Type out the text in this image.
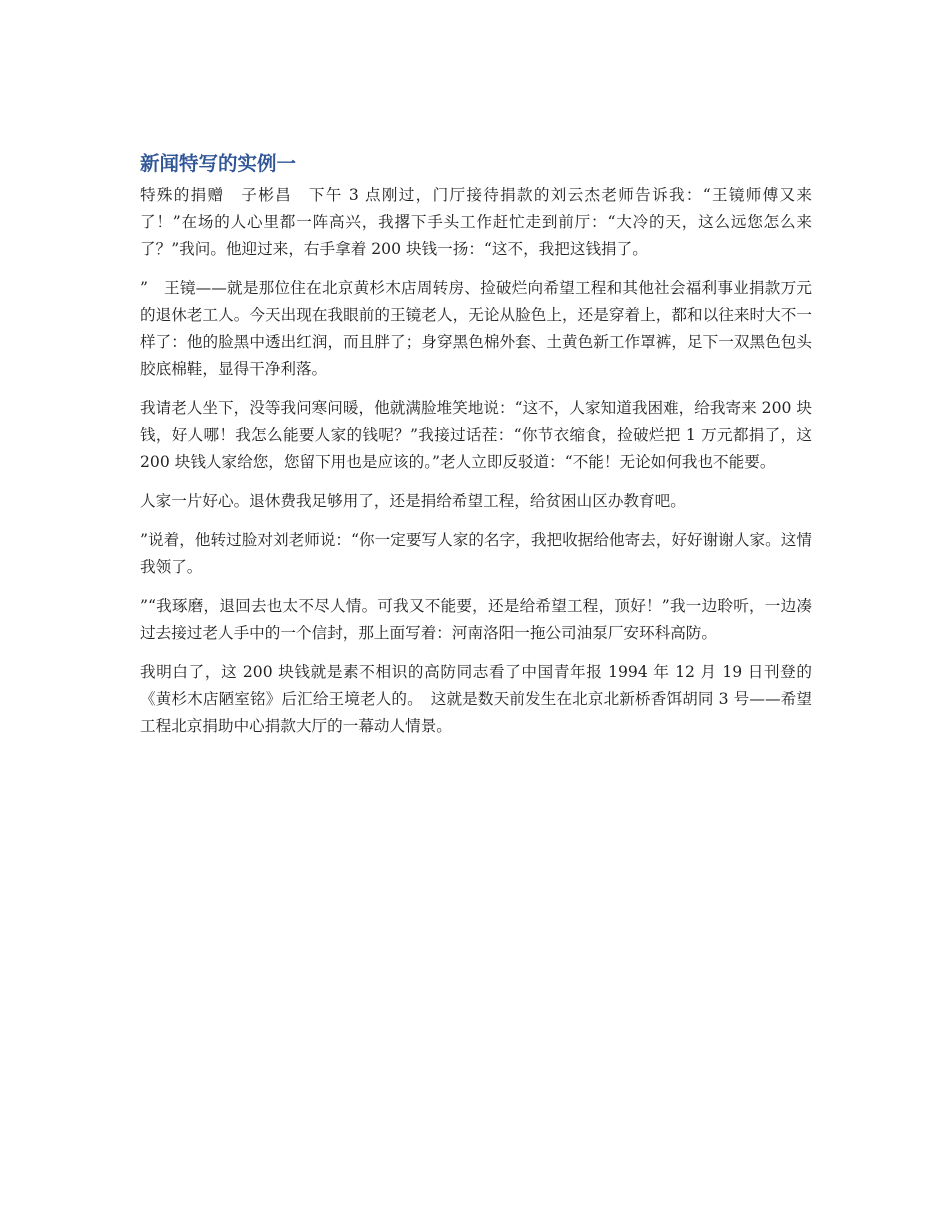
新闻特写的实例一

特殊的捐赠　子彬昌　下午 3 点刚过，门厅接待捐款的刘云杰老师告诉我：“王镜师傅又来了！”在场的人心里都一阵高兴，我撂下手头工作赶忙走到前厅：“大冷的天，这么远您怎么来了？”我问。他迎过来，右手拿着 200 块钱一扬：“这不，我把这钱捐了。

”　王镜——就是那位住在北京黄杉木店周转房、捡破烂向希望工程和其他社会福利事业捐款万元的退休老工人。今天出现在我眼前的王镜老人，无论从脸色上，还是穿着上，都和以往来时大不一样了：他的脸黑中透出红润，而且胖了；身穿黑色棉外套、土黄色新工作罩裤，足下一双黑色包头胶底棉鞋，显得干净利落。

我请老人坐下，没等我问寒问暖，他就满脸堆笑地说：“这不，人家知道我困难，给我寄来 200 块钱，好人哪！我怎么能要人家的钱呢？”我接过话茬：“你节衣缩食，捡破烂把 1 万元都捐了，这 200 块钱人家给您，您留下用也是应该的。”老人立即反驳道：“不能！无论如何我也不能要。

人家一片好心。退休费我足够用了，还是捐给希望工程，给贫困山区办教育吧。

”说着，他转过脸对刘老师说：“你一定要写人家的名字，我把收据给他寄去，好好谢谢人家。这情我领了。

”“我琢磨，退回去也太不尽人情。可我又不能要，还是给希望工程，顶好！”我一边聆听，一边凑过去接过老人手中的一个信封，那上面写着：河南洛阳一拖公司油泵厂安环科高防。

我明白了，这 200 块钱就是素不相识的高防同志看了中国青年报 1994 年 12 月 19 日刊登的《黄杉木店陋室铭》后汇给王境老人的。　这就是数天前发生在北京北新桥香饵胡同 3 号——希望工程北京捐助中心捐款大厅的一幕动人情景。
